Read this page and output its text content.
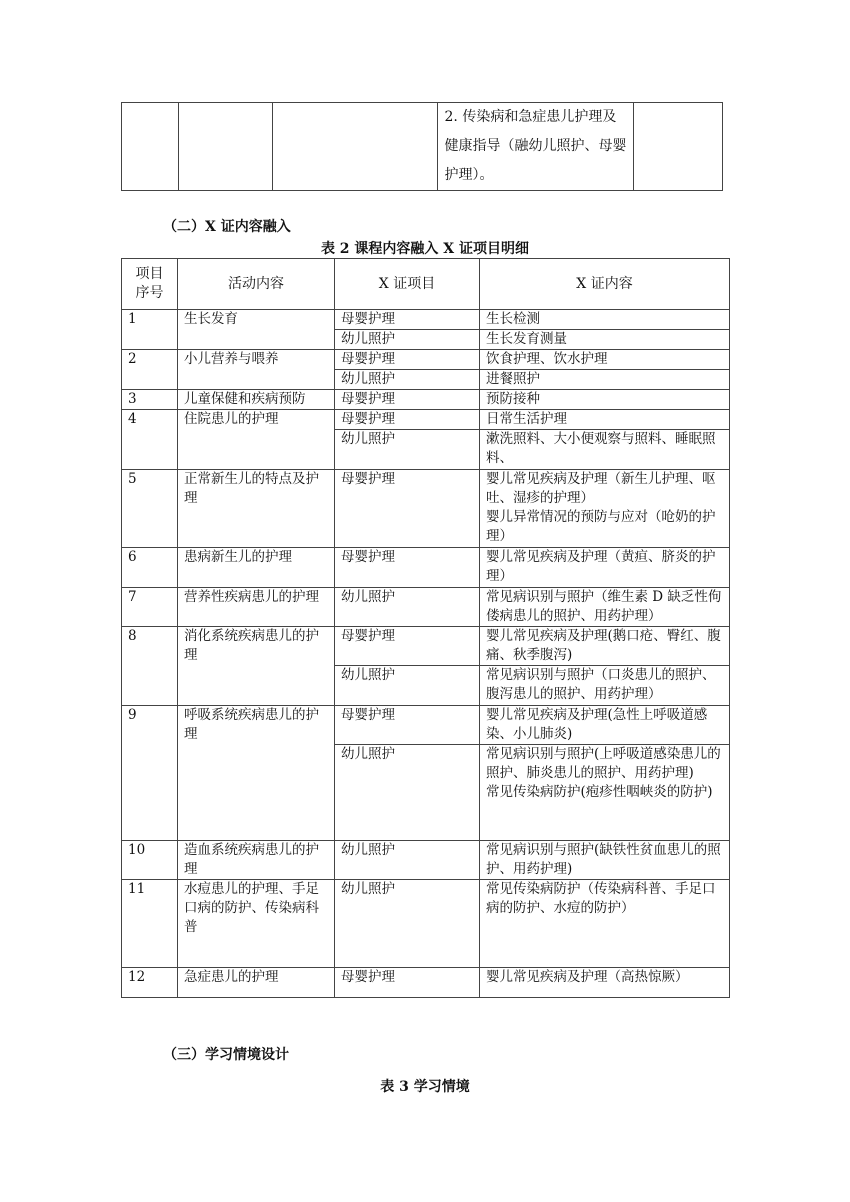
			2. 传染病和急症患儿护理及健康指导（融幼儿照护、母婴护理）。	
（二）X 证内容融入
表 2 课程内容融入 X 证项目明细
项目序号	活动内容	X 证项目	X 证内容
1	生长发育	母婴护理	生长检测

		幼儿照护	生长发育测量

2	小儿营养与喂养	母婴护理	饮食护理、饮水护理

		幼儿照护	进餐照护

3	儿童保健和疾病预防	母婴护理	预防接种

4	住院患儿的护理	母婴护理	日常生活护理

		幼儿照护	漱洗照料、大小便观察与照料、睡眠照料、

5	正常新生儿的特点及护理	母婴护理	婴儿常见疾病及护理（新生儿护理、呕吐、湿疹的护理）
婴儿异常情况的预防与应对（呛奶的护理）

6	患病新生儿的护理	母婴护理	婴儿常见疾病及护理（黄疸、脐炎的护理）

7	营养性疾病患儿的护理	幼儿照护	常见病识别与照护（维生素 D 缺乏性佝偻病患儿的照护、用药护理）

8	消化系统疾病患儿的护理	母婴护理	婴儿常见疾病及护理(鹅口疮、臀红、腹痛、秋季腹泻)

		幼儿照护	常见病识别与照护（口炎患儿的照护、腹泻患儿的照护、用药护理）

9	呼吸系统疾病患儿的护理	母婴护理	婴儿常见疾病及护理(急性上呼吸道感染、小儿肺炎)

		幼儿照护	常见病识别与照护(上呼吸道感染患儿的照护、肺炎患儿的照护、用药护理)
常见传染病防护(疱疹性咽峡炎的防护)

10	造血系统疾病患儿的护理	幼儿照护	常见病识别与照护(缺铁性贫血患儿的照护、用药护理)

11	水痘患儿的护理、手足口病的防护、传染病科普	幼儿照护	常见传染病防护（传染病科普、手足口病的防护、水痘的防护）

12	急症患儿的护理	母婴护理	婴儿常见疾病及护理（高热惊厥）
（三）学习情境设计
表 3 学习情境
